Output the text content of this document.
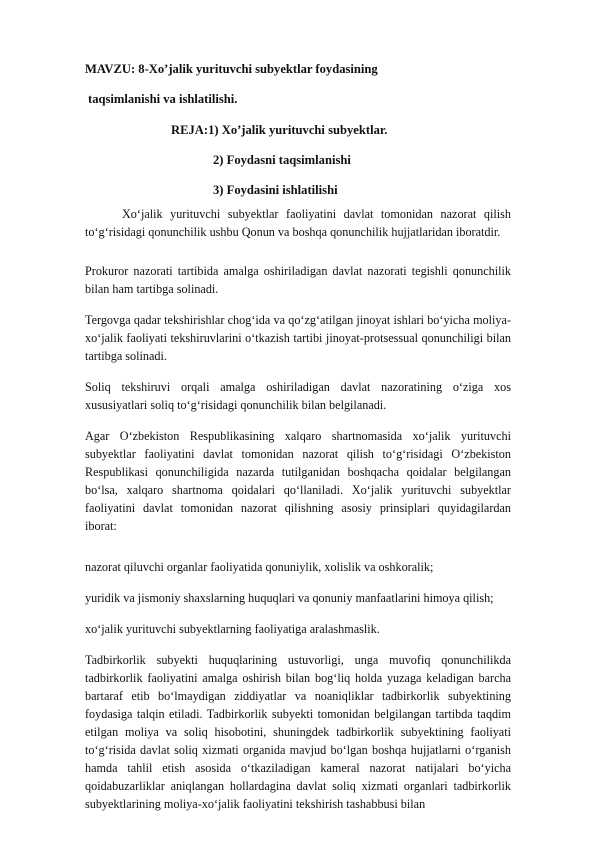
MAVZU: 8-Xo’jalik yurituvchi subyektlar foydasining
taqsimlanishi va ishlatilishi.
REJA:1) Xo’jalik yurituvchi subyektlar.
2) Foydasni taqsimlanishi
3) Foydasini ishlatilishi
Xo‘jalik yurituvchi subyektlar faoliyatini davlat tomonidan nazorat qilish to‘g‘risidagi qonunchilik ushbu Qonun va boshqa qonunchilik hujjatlaridan iboratdir.
Prokuror nazorati tartibida amalga oshiriladigan davlat nazorati tegishli qonunchilik bilan ham tartibga solinadi.
Tergovga qadar tekshirishlar chog‘ida va qo‘zg‘atilgan jinoyat ishlari bo‘yicha moliya-xo‘jalik faoliyati tekshiruvlarini o‘tkazish tartibi jinoyat-protsessual qonunchiligi bilan tartibga solinadi.
Soliq tekshiruvi orqali amalga oshiriladigan davlat nazoratining o‘ziga xos xususiyatlari soliq to‘g‘risidagi qonunchilik bilan belgilanadi.
Agar O‘zbekiston Respublikasining xalqaro shartnomasida xo‘jalik yurituvchi subyektlar faoliyatini davlat tomonidan nazorat qilish to‘g‘risidagi O‘zbekiston Respublikasi qonunchiligida nazarda tutilganidan boshqacha qoidalar belgilangan bo‘lsa, xalqaro shartnoma qoidalari qo‘llaniladi. Xo‘jalik yurituvchi subyektlar faoliyatini davlat tomonidan nazorat qilishning asosiy prinsiplari quyidagilardan iborat:
nazorat qiluvchi organlar faoliyatida qonuniylik, xolislik va oshkoralik;
yuridik va jismoniy shaxslarning huquqlari va qonuniy manfaatlarini himoya qilish;
xo‘jalik yurituvchi subyektlarning faoliyatiga aralashmaslik.
Tadbirkorlik subyekti huquqlarining ustuvorligi, unga muvofiq qonunchilikda tadbirkorlik faoliyatini amalga oshirish bilan bog‘liq holda yuzaga keladigan barcha bartaraf etib bo‘lmaydigan ziddiyatlar va noaniqliklar tadbirkorlik subyektining foydasiga talqin etiladi. Tadbirkorlik subyekti tomonidan belgilangan tartibda taqdim etilgan moliya va soliq hisobotini, shuningdek tadbirkorlik subyektining faoliyati to‘g‘risida davlat soliq xizmati organida mavjud bo‘lgan boshqa hujjatlarni o‘rganish hamda tahlil etish asosida o‘tkaziladigan kameral nazorat natijalari bo‘yicha qoidabuzarliklar aniqlangan hollardagina davlat soliq xizmati organlari tadbirkorlik subyektlarining moliya-xo‘jalik faoliyatini tekshirish tashabbusi bilan
